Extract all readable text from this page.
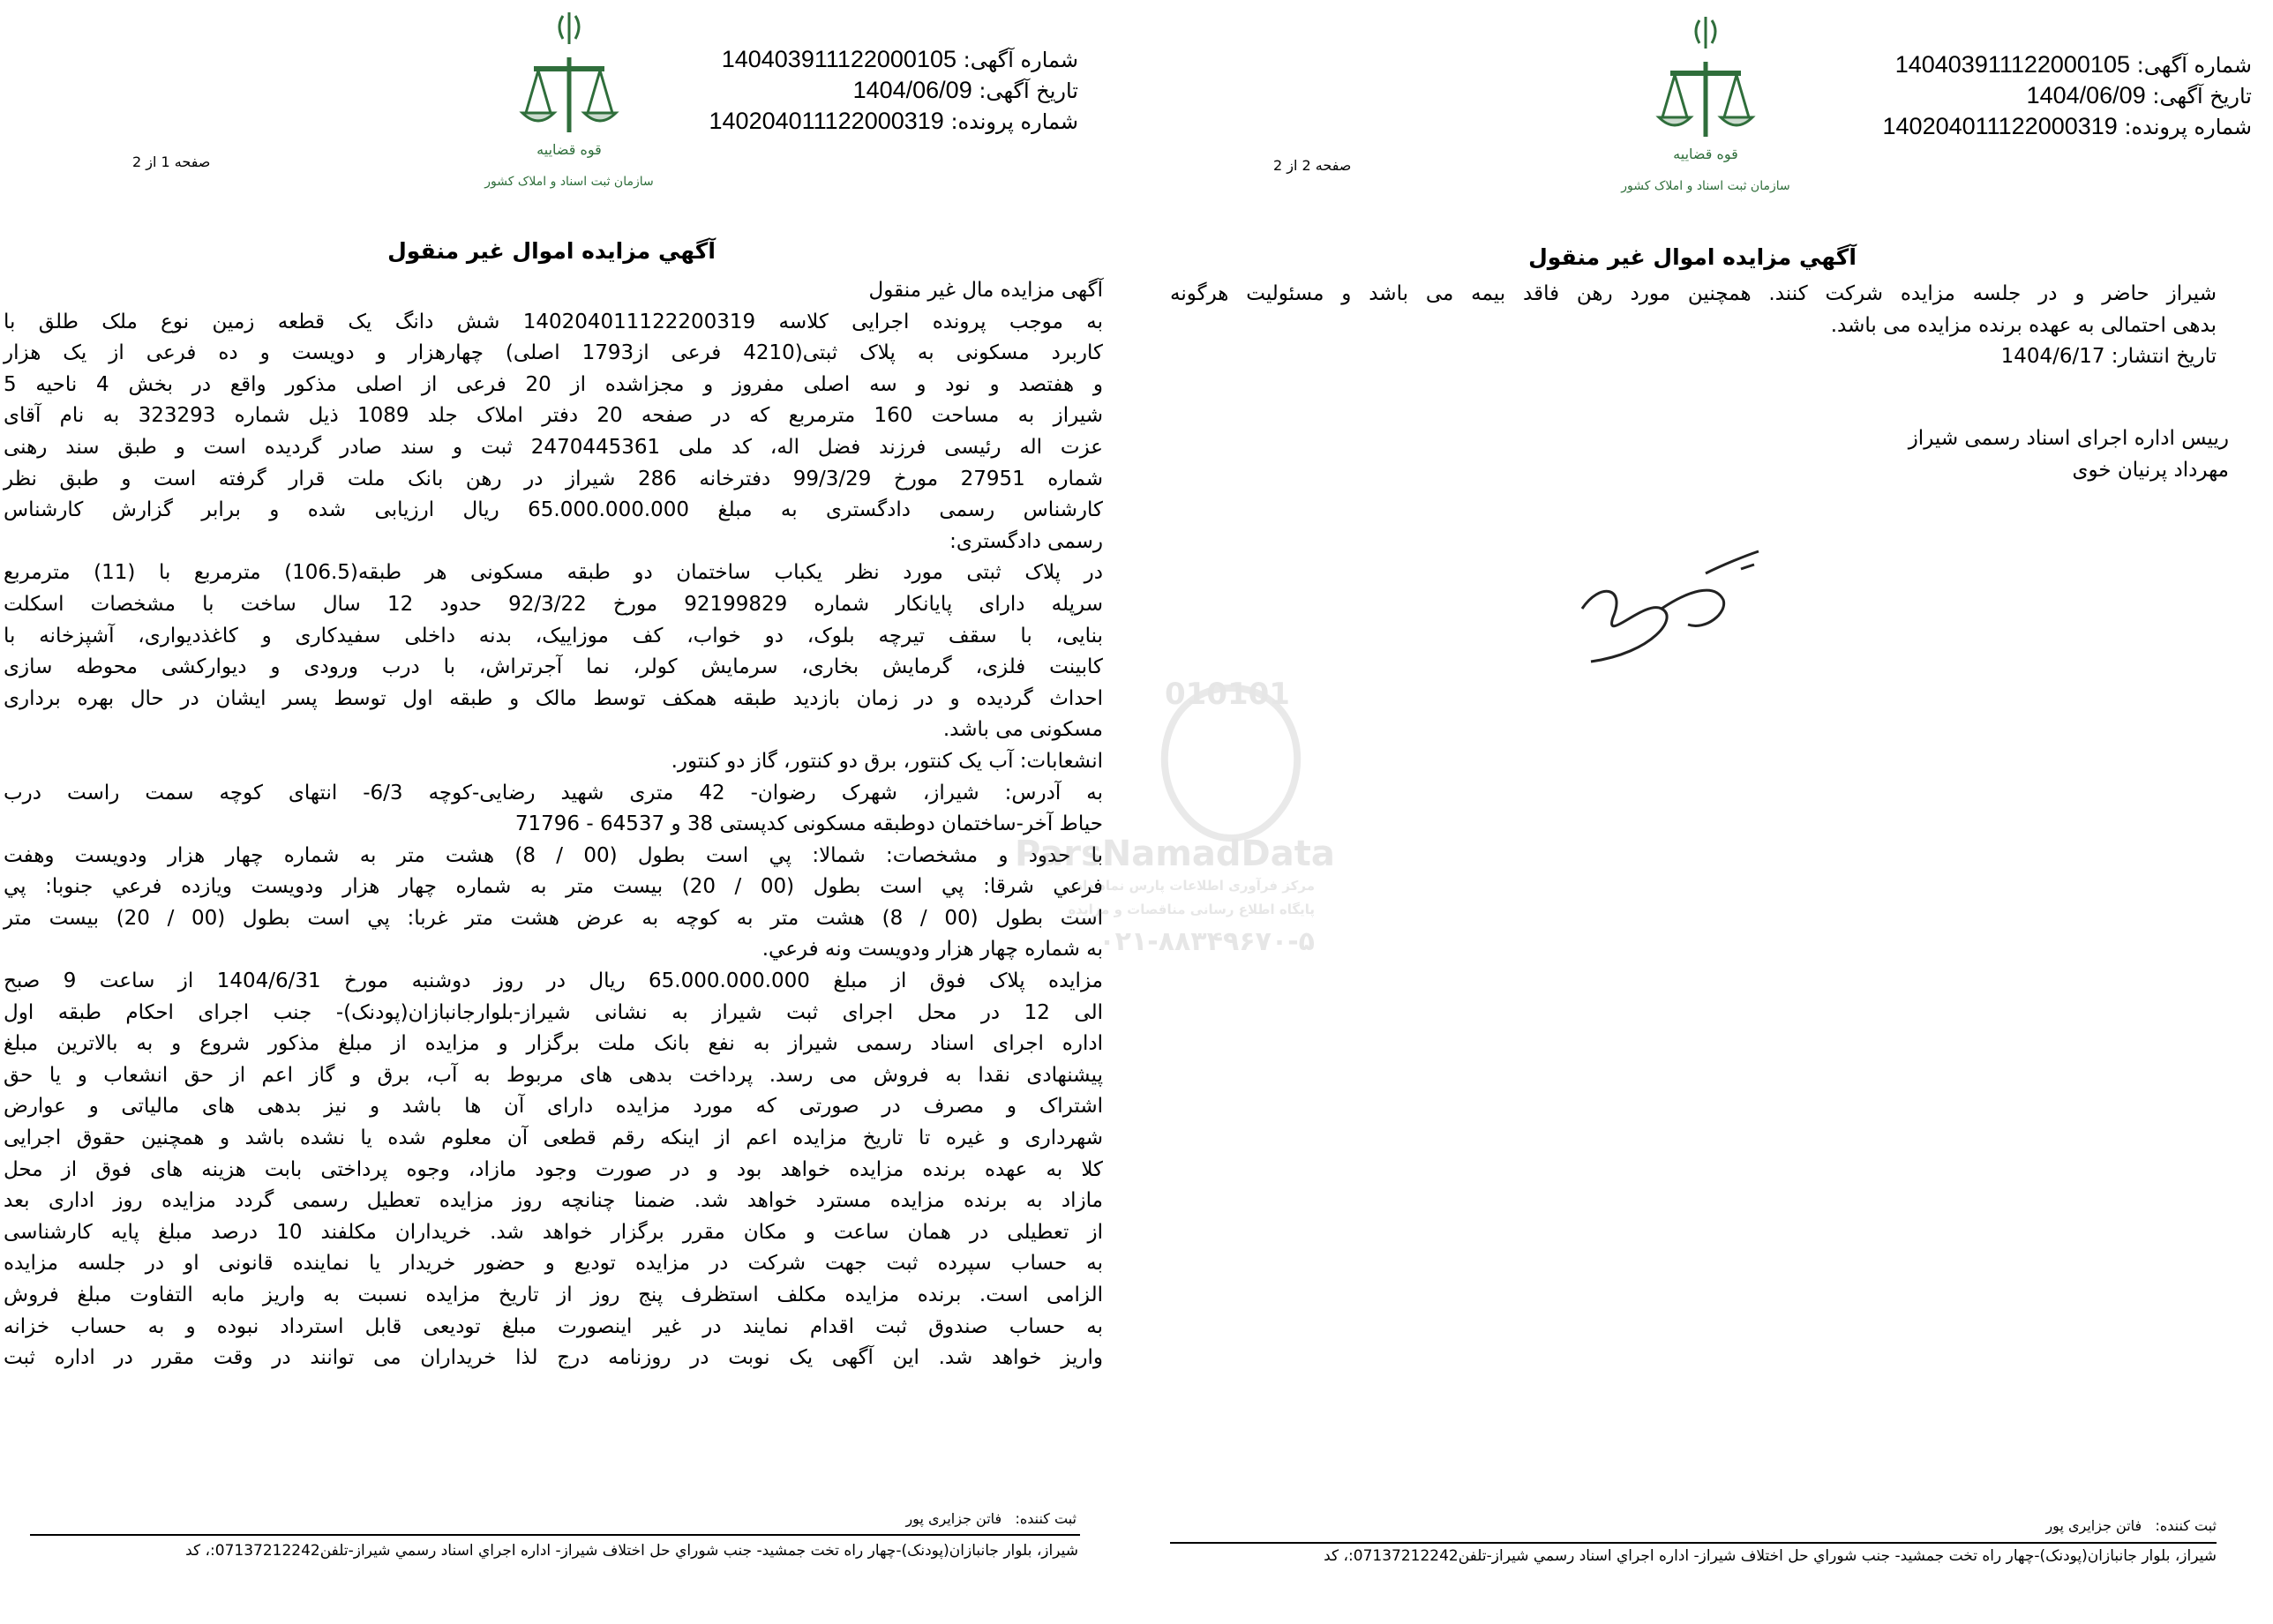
قوه قضاییه
سازمان ثبت اسناد و املاک کشور
شماره آگهی: 140403911122000105
تاریخ آگهی: 1404/06/09
شماره پرونده: 140204011122000319
صفحه 1 از 2
آگهي مزايده اموال غير منقول
آگهی مزایده مال غیر منقول
به موجب پرونده اجرایی کلاسه 140204011122200319 شش دانگ یک قطعه زمین نوع ملک طلق با
کاربرد مسکونی به پلاک ثبتی(4210 فرعی از1793 اصلی) چهارهزار و دویست و ده فرعی از یک هزار
و هفتصد و نود و سه اصلی مفروز و مجزاشده از 20 فرعی از اصلی مذکور واقع در بخش 4 ناحیه 5
شیراز به مساحت 160 مترمربع که در صفحه 20 دفتر املاک جلد 1089 ذیل شماره 323293 به نام آقای
عزت اله رئیسی فرزند فضل اله، کد ملی 2470445361 ثبت و سند صادر گردیده است و طبق سند رهنی
شماره 27951 مورخ 99/3/29 دفترخانه 286 شیراز در رهن بانک ملت قرار گرفته است و طبق نظر
کارشناس رسمی دادگستری به مبلغ 65.000.000.000 ریال ارزیابی شده و برابر گزارش کارشناس
رسمی دادگستری:
در پلاک ثبتی مورد نظر یکباب ساختمان دو طبقه مسکونی هر طبقه(106.5) مترمربع با (11) مترمربع
سرپله دارای پایانکار شماره 92199829 مورخ 92/3/22 حدود 12 سال ساخت با مشخصات اسکلت
بنایی، با سقف تیرچه بلوک، دو خواب، کف موزاییک، بدنه داخلی سفیدکاری و کاغذدیواری، آشپزخانه با
کابینت فلزی، گرمایش بخاری، سرمایش کولر، نما آجرتراش، با درب ورودی و دیوارکشی محوطه سازی
احداث گردیده و در زمان بازدید طبقه همکف توسط مالک و طبقه اول توسط پسر ایشان در حال بهره برداری
مسکونی می باشد.
انشعابات: آب یک کنتور، برق دو کنتور، گاز دو کنتور.
به آدرس: شیراز، شهرک رضوان- 42 متری شهید رضایی-کوچه 6/3- انتهای کوچه سمت راست درب
حیاط آخر-ساختمان دوطبقه مسکونی کدپستی 38 و 64537 - 71796
با حدود و مشخصات: شمالا: پي است بطول (00 / 8) هشت متر به شماره چهار هزار ودويست وهفت
فرعي شرقا: پي است بطول (00 / 20) بيست متر به شماره چهار هزار ودويست ويازده فرعي جنوبا: پي
است بطول (00 / 8) هشت متر به كوچه به عرض هشت متر غربا: پي است بطول (00 / 20) بيست متر
به شماره چهار هزار ودويست ونه فرعي.
مزایده پلاک فوق از مبلغ 65.000.000.000 ریال در روز دوشنبه مورخ 1404/6/31 از ساعت 9 صبح
الی 12 در محل اجرای ثبت شیراز به نشانی شیراز-بلوارجانبازان(پودنک)- جنب اجرای احکام طبقه اول
اداره اجرای اسناد رسمی شیراز به نفع بانک ملت برگزار و مزایده از مبلغ مذکور شروع و به بالاترین مبلغ
پیشنهادی نقدا به فروش می رسد. پرداخت بدهی های مربوط به آب، برق و گاز اعم از حق انشعاب و یا حق
اشتراک و مصرف در صورتی که مورد مزایده دارای آن ها باشد و نیز بدهی های مالیاتی و عوارض
شهرداری و غیره تا تاریخ مزایده اعم از اینکه رقم قطعی آن معلوم شده یا نشده باشد و همچنین حقوق اجرایی
کلا به عهده برنده مزایده خواهد بود و در صورت وجود مازاد، وجوه پرداختی بابت هزینه های فوق از محل
مازاد به برنده مزایده مسترد خواهد شد. ضمنا چنانچه روز مزایده تعطیل رسمی گردد مزایده روز اداری بعد
از تعطیلی در همان ساعت و مکان مقرر برگزار خواهد شد. خریداران مکلفند 10 درصد مبلغ پایه کارشناسی
به حساب سپرده ثبت جهت شرکت در مزایده تودیع و حضور خریدار یا نماینده قانونی او در جلسه مزایده
الزامی است. برنده مزایده مکلف استظرف پنج روز از تاریخ مزایده نسبت به واریز مابه التفاوت مبلغ فروش
به حساب صندوق ثبت اقدام نمایند در غیر اینصورت مبلغ تودیعی قابل استرداد نبوده و به حساب خزانه
واریز خواهد شد. این آگهی یک نوبت در روزنامه درج لذا خریداران می توانند در وقت مقرر در اداره ثبت
ثبت کننده:   فاتن جزایری پور
شیراز، بلوار جانبازان(پودنک)-چهار راه تخت جمشید- جنب شوراي حل اختلاف شیراز- اداره اجراي اسناد رسمي شیراز-تلفن07137212242:، کد
010101
ParsNamadData
مرکز فرآوری اطلاعات پارس نماد داده
پایگاه اطلاع رسانی مناقصات و مزایده
۰۲۱-۸۸۳۴۹۶۷۰-۵
قوه قضاییه
سازمان ثبت اسناد و املاک کشور
شماره آگهی: 140403911122000105
تاریخ آگهی: 1404/06/09
شماره پرونده: 140204011122000319
صفحه 2 از 2
آگهي مزايده اموال غير منقول
شیراز حاضر و در جلسه مزایده شرکت کنند. همچنین مورد رهن فاقد بیمه می باشد و مسئولیت هرگونه
بدهی احتمالی به عهده برنده مزایده می باشد.
تاریخ انتشار: 1404/6/17
رییس اداره اجرای اسناد رسمی شیراز
مهرداد پرنیان خوی
ثبت کننده:   فاتن جزایری پور
شیراز، بلوار جانبازان(پودنک)-چهار راه تخت جمشید- جنب شوراي حل اختلاف شیراز- اداره اجراي اسناد رسمي شیراز-تلفن07137212242:، کد
